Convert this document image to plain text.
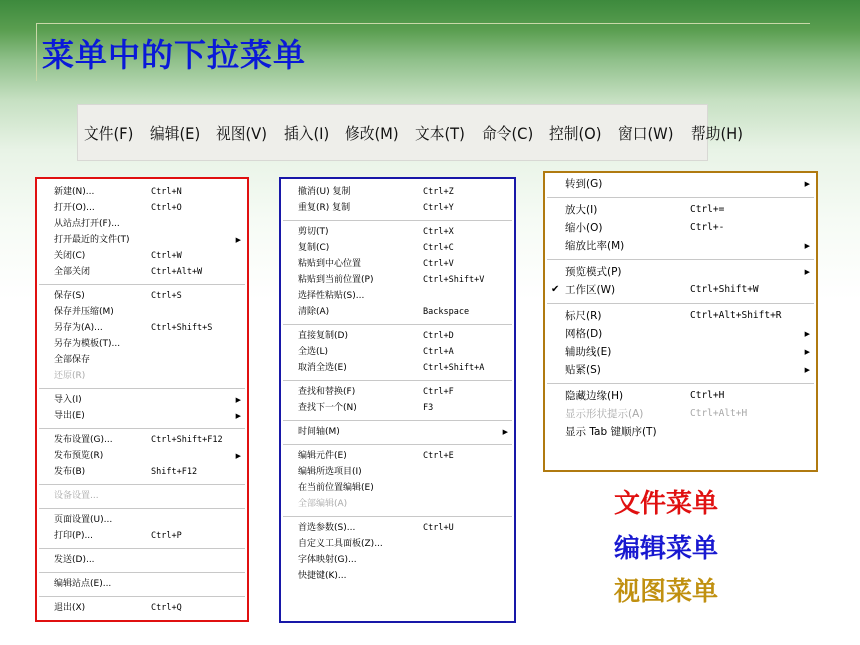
菜单中的下拉菜单
文件(F) 编辑(E) 视图(V) 插入(I) 修改(M) 文本(T) 命令(C) 控制(O) 窗口(W) 帮助(H)
新建(N)...	Ctrl+N
打开(O)...	Ctrl+O
从站点打开(F)...
打开最近的文件(T)	▶
关闭(C)	Ctrl+W
全部关闭	Ctrl+Alt+W
保存(S)	Ctrl+S
保存并压缩(M)
另存为(A)...	Ctrl+Shift+S
另存为模板(T)...
全部保存
还原(R)
导入(I)	▶
导出(E)	▶
发布设置(G)...	Ctrl+Shift+F12
发布预览(R)	▶
发布(B)	Shift+F12
设备设置...
页面设置(U)...
打印(P)...	Ctrl+P
发送(D)...
编辑站点(E)...
退出(X)	Ctrl+Q
撤消(U) 复制	Ctrl+Z
重复(R) 复制	Ctrl+Y
剪切(T)	Ctrl+X
复制(C)	Ctrl+C
粘贴到中心位置	Ctrl+V
粘贴到当前位置(P)	Ctrl+Shift+V
选择性粘贴(S)...
清除(A)	Backspace
直接复制(D)	Ctrl+D
全选(L)	Ctrl+A
取消全选(E)	Ctrl+Shift+A
查找和替换(F)	Ctrl+F
查找下一个(N)	F3
时间轴(M)	▶
编辑元件(E)	Ctrl+E
编辑所选项目(I)
在当前位置编辑(E)
全部编辑(A)
首选参数(S)...	Ctrl+U
自定义工具面板(Z)...
字体映射(G)...
快捷键(K)...
转到(G)	▶
放大(I)	Ctrl+=
缩小(O)	Ctrl+-
缩放比率(M)	▶
预览模式(P)	▶
✔ 工作区(W)	Ctrl+Shift+W
标尺(R)	Ctrl+Alt+Shift+R
网格(D)	▶
辅助线(E)	▶
贴紧(S)	▶
隐藏边缘(H)	Ctrl+H
显示形状提示(A)	Ctrl+Alt+H
显示 Tab 键顺序(T)
文件菜单
编辑菜单
视图菜单
